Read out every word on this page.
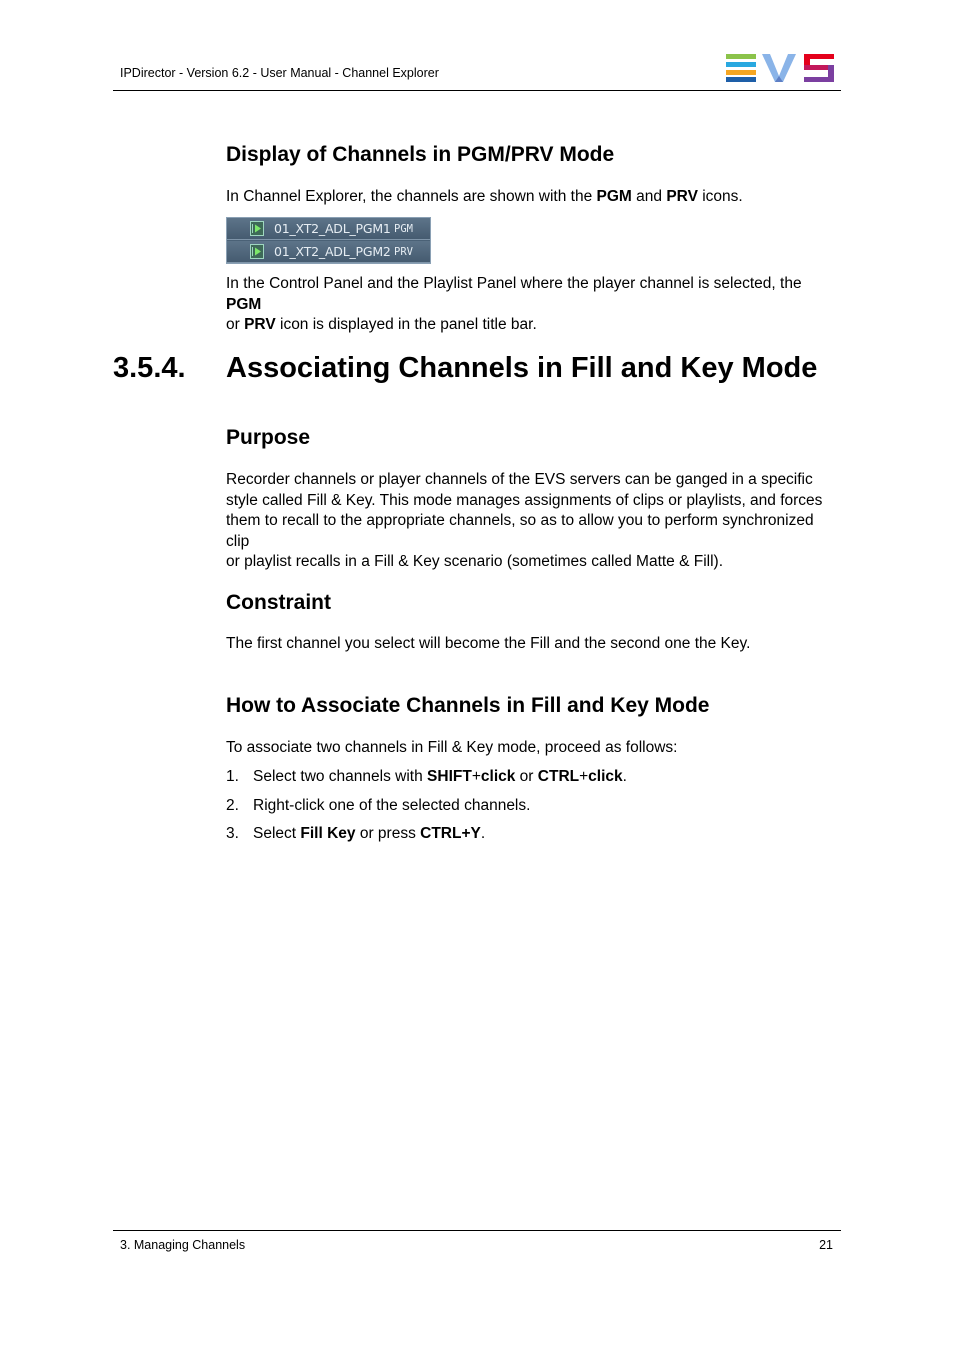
IPDirector - Version 6.2 - User Manual - Channel Explorer
Display of Channels in PGM/PRV Mode

In Channel Explorer, the channels are shown with the PGM and PRV icons.

01_XT2_ADL_PGM1 PGM
01_XT2_ADL_PGM2 PRV

In the Control Panel and the Playlist Panel where the player channel is selected, the PGM
or PRV icon is displayed in the panel title bar.

3.5.4. Associating Channels in Fill and Key Mode
Purpose

Recorder channels or player channels of the EVS servers can be ganged in a specific
style called Fill & Key. This mode manages assignments of clips or playlists, and forces
them to recall to the appropriate channels, so as to allow you to perform synchronized clip
or playlist recalls in a Fill & Key scenario (sometimes called Matte & Fill).

Constraint

The first channel you select will become the Fill and the second one the Key.

How to Associate Channels in Fill and Key Mode

To associate two channels in Fill & Key mode, proceed as follows:

1. Select two channels with SHIFT+click or CTRL+click.
2. Right-click one of the selected channels.
3. Select Fill Key or press CTRL+Y.
3. Managing Channels	21
